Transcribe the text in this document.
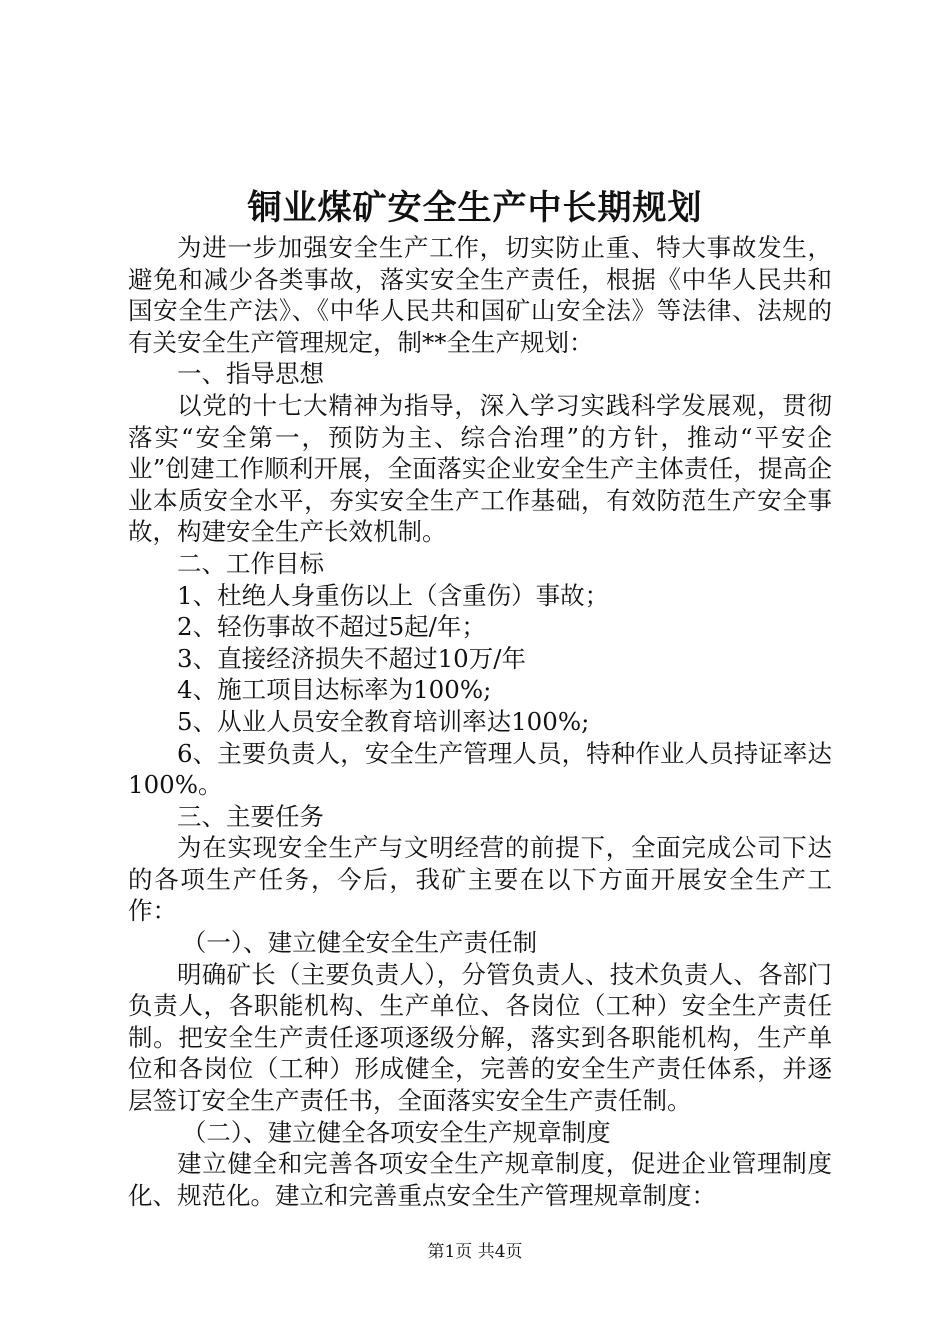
铜业煤矿安全生产中长期规划

为进一步加强安全生产工作，切实防止重、特大事故发生，避免和减少各类事故，落实安全生产责任，根据《中华人民共和国安全生产法》、《中华人民共和国矿山安全法》等法律、法规的有关安全生产管理规定，制**全生产规划：

一、指导思想

以党的十七大精神为指导，深入学习实践科学发展观，贯彻落实“安全第一，预防为主、综合治理”的方针，推动“平安企业”创建工作顺利开展，全面落实企业安全生产主体责任，提高企业本质安全水平，夯实安全生产工作基础，有效防范生产安全事故，构建安全生产长效机制。

二、工作目标

1、杜绝人身重伤以上（含重伤）事故；

2、轻伤事故不超过5起/年；

3、直接经济损失不超过10万/年

4、施工项目达标率为100%;

5、从业人员安全教育培训率达100%;

6、主要负责人，安全生产管理人员，特种作业人员持证率达100%。

三、主要任务

为在实现安全生产与文明经营的前提下，全面完成公司下达的各项生产任务，今后，我矿主要在以下方面开展安全生产工作：

（一）、建立健全安全生产责任制

明确矿长（主要负责人），分管负责人、技术负责人、各部门负责人，各职能机构、生产单位、各岗位（工种）安全生产责任制。把安全生产责任逐项逐级分解，落实到各职能机构，生产单位和各岗位（工种）形成健全，完善的安全生产责任体系，并逐层签订安全生产责任书，全面落实安全生产责任制。

（二）、建立健全各项安全生产规章制度

建立健全和完善各项安全生产规章制度，促进企业管理制度化、规范化。建立和完善重点安全生产管理规章制度：

第1页 共4页
